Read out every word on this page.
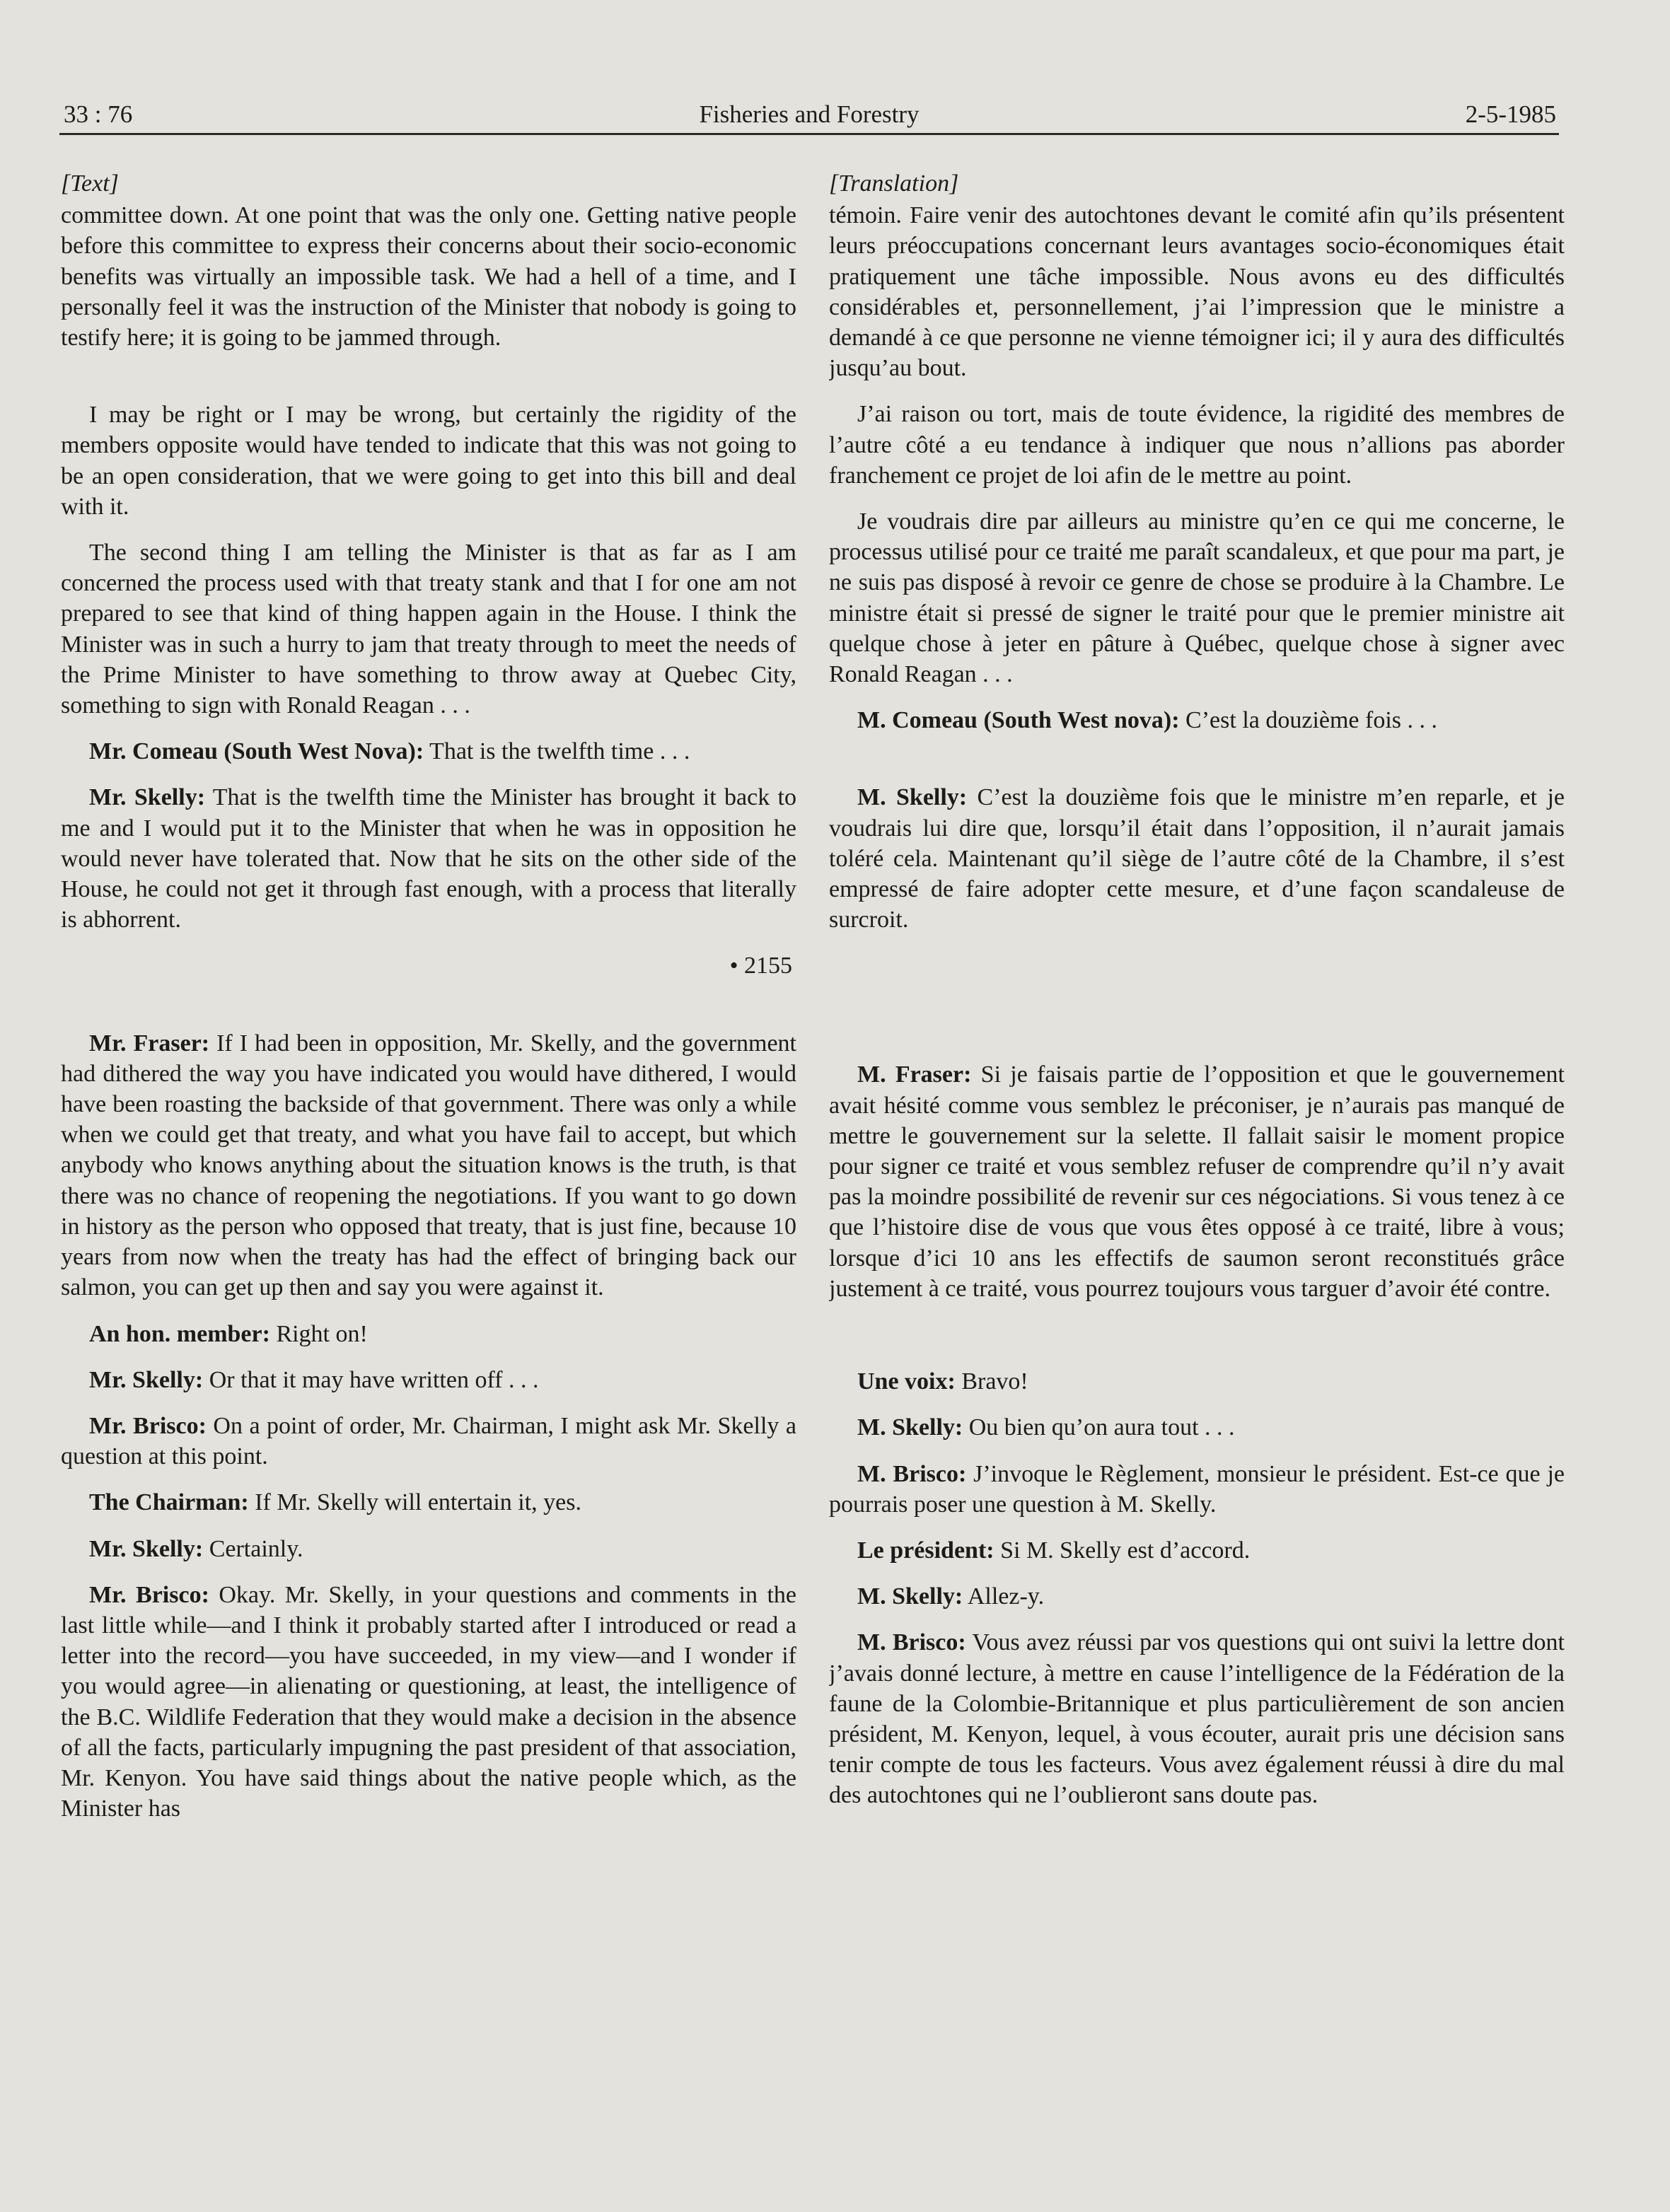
33 : 76	Fisheries and Forestry	2-5-1985
[Text]

committee down. At one point that was the only one. Getting native people before this committee to express their concerns about their socio-economic benefits was virtually an impossible task. We had a hell of a time, and I personally feel it was the instruction of the Minister that nobody is going to testify here; it is going to be jammed through.

I may be right or I may be wrong, but certainly the rigidity of the members opposite would have tended to indicate that this was not going to be an open consideration, that we were going to get into this bill and deal with it.

The second thing I am telling the Minister is that as far as I am concerned the process used with that treaty stank and that I for one am not prepared to see that kind of thing happen again in the House. I think the Minister was in such a hurry to jam that treaty through to meet the needs of the Prime Minister to have something to throw away at Quebec City, something to sign with Ronald Reagan . . .

Mr. Comeau (South West Nova): That is the twelfth time . . .

Mr. Skelly: That is the twelfth time the Minister has brought it back to me and I would put it to the Minister that when he was in opposition he would never have tolerated that. Now that he sits on the other side of the House, he could not get it through fast enough, with a process that literally is abhorrent.

• 2155

Mr. Fraser: If I had been in opposition, Mr. Skelly, and the government had dithered the way you have indicated you would have dithered, I would have been roasting the backside of that government. There was only a while when we could get that treaty, and what you have fail to accept, but which anybody who knows anything about the situation knows is the truth, is that there was no chance of reopening the negotiations. If you want to go down in history as the person who opposed that treaty, that is just fine, because 10 years from now when the treaty has had the effect of bringing back our salmon, you can get up then and say you were against it.

An hon. member: Right on!

Mr. Skelly: Or that it may have written off . . .

Mr. Brisco: On a point of order, Mr. Chairman, I might ask Mr. Skelly a question at this point.

The Chairman: If Mr. Skelly will entertain it, yes.

Mr. Skelly: Certainly.

Mr. Brisco: Okay. Mr. Skelly, in your questions and comments in the last little while—and I think it probably started after I introduced or read a letter into the record—you have succeeded, in my view—and I wonder if you would agree—in alienating or questioning, at least, the intelligence of the B.C. Wildlife Federation that they would make a decision in the absence of all the facts, particularly impugning the past president of that association, Mr. Kenyon. You have said things about the native people which, as the Minister has

[Translation]

témoin. Faire venir des autochtones devant le comité afin qu’ils présentent leurs préoccupations concernant leurs avantages socio-économiques était pratiquement une tâche impossible. Nous avons eu des difficultés considérables et, personnellement, j’ai l’impression que le ministre a demandé à ce que personne ne vienne témoigner ici; il y aura des difficultés jusqu’au bout.

J’ai raison ou tort, mais de toute évidence, la rigidité des membres de l’autre côté a eu tendance à indiquer que nous n’allions pas aborder franchement ce projet de loi afin de le mettre au point.

Je voudrais dire par ailleurs au ministre qu’en ce qui me concerne, le processus utilisé pour ce traité me paraît scandaleux, et que pour ma part, je ne suis pas disposé à revoir ce genre de chose se produire à la Chambre. Le ministre était si pressé de signer le traité pour que le premier ministre ait quelque chose à jeter en pâture à Québec, quelque chose à signer avec Ronald Reagan . . .

M. Comeau (South West nova): C’est la douzième fois . . .

M. Skelly: C’est la douzième fois que le ministre m’en reparle, et je voudrais lui dire que, lorsqu’il était dans l’opposition, il n’aurait jamais toléré cela. Maintenant qu’il siège de l’autre côté de la Chambre, il s’est empressé de faire adopter cette mesure, et d’une façon scandaleuse de surcroit.

M. Fraser: Si je faisais partie de l’opposition et que le gouvernement avait hésité comme vous semblez le préconiser, je n’aurais pas manqué de mettre le gouvernement sur la selette. Il fallait saisir le moment propice pour signer ce traité et vous semblez refuser de comprendre qu’il n’y avait pas la moindre possibilité de revenir sur ces négociations. Si vous tenez à ce que l’histoire dise de vous que vous êtes opposé à ce traité, libre à vous; lorsque d’ici 10 ans les effectifs de saumon seront reconstitués grâce justement à ce traité, vous pourrez toujours vous targuer d’avoir été contre.

Une voix: Bravo!

M. Skelly: Ou bien qu’on aura tout . . .

M. Brisco: J’invoque le Règlement, monsieur le président. Est-ce que je pourrais poser une question à M. Skelly.

Le président: Si M. Skelly est d’accord.

M. Skelly: Allez-y.

M. Brisco: Vous avez réussi par vos questions qui ont suivi la lettre dont j’avais donné lecture, à mettre en cause l’intelligence de la Fédération de la faune de la Colombie-Britannique et plus particulièrement de son ancien président, M. Kenyon, lequel, à vous écouter, aurait pris une décision sans tenir compte de tous les facteurs. Vous avez également réussi à dire du mal des autochtones qui ne l’oublieront sans doute pas.
